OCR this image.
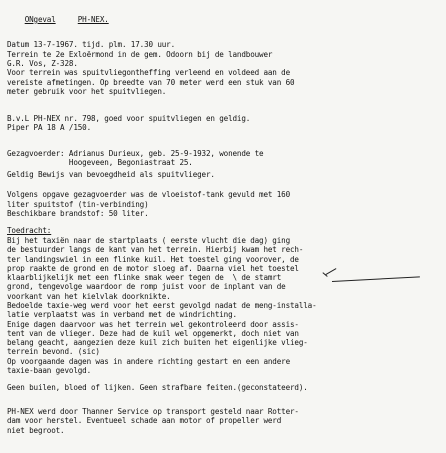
ONgeval	PH-NEX.

Datum 13-7-1967. tijd. plm. 17.30 uur.
Terrein te 2e Exloërmond in de gem. Odoorn bij de landbouwer
G.R. Vos, Z-328.
Voor terrein was spuitvliegontheffing verleend en voldeed aan de
vereiste afmetingen. Op breedte van 70 meter werd een stuk van 60
meter gebruik voor het spuitvliegen.
B.v.L PH-NEX nr. 798, goed voor spuitvliegen en geldig.
Piper PA 18 A /150.
Gezagvoerder: Adrianus Durieux, geb. 25-9-1932, wonende te
Hoogeveen, Begoniastraat 25.
Geldig Bewijs van bevoegdheid als spuitvlieger.
Volgens opgave gezagvoerder was de vloeistof-tank gevuld met 160
liter spuitstof (tin-verbinding)
Beschikbare brandstof: 50 liter.
Toedracht:
Bij het taxiën naar de startplaats ( eerste vlucht die dag) ging
de bestuurder langs de kant van het terrein. Hierbij kwam het rech-
ter landingswiel in een flinke kuil. Het toestel ging voorover, de
prop raakte de grond en de motor sloeg af. Daarna viel het toestel
klaarblijkelijk met een flinke smak weer tegen de  \ de stamrt
grond, tengevolge waardoor de romp juist voor de inplant van de
voorkant van het kielvlak doorknikte.
Bedoelde taxie-weg werd voor het eerst gevolgd nadat de meng-installa-
latie verplaatst was in verband met de windrichting.
Enige dagen daarvoor was het terrein wel gekontroleerd door assis-
tent van de vlieger. Deze had de kuil wel opgemerkt, doch niet van
belang geacht, aangezien deze kuil zich buiten het eigenlijke vlieg-
terrein bevond. (sic)
Op voorgaande dagen was in andere richting gestart en een andere
taxie-baan gevolgd.
Geen builen, bloed of lijken. Geen strafbare feiten.(geconstateerd).
PH-NEX werd door Thanner Service op transport gesteld naar Rotter-
dam voor herstel. Eventueel schade aan motor of propeller werd
niet begroot.
